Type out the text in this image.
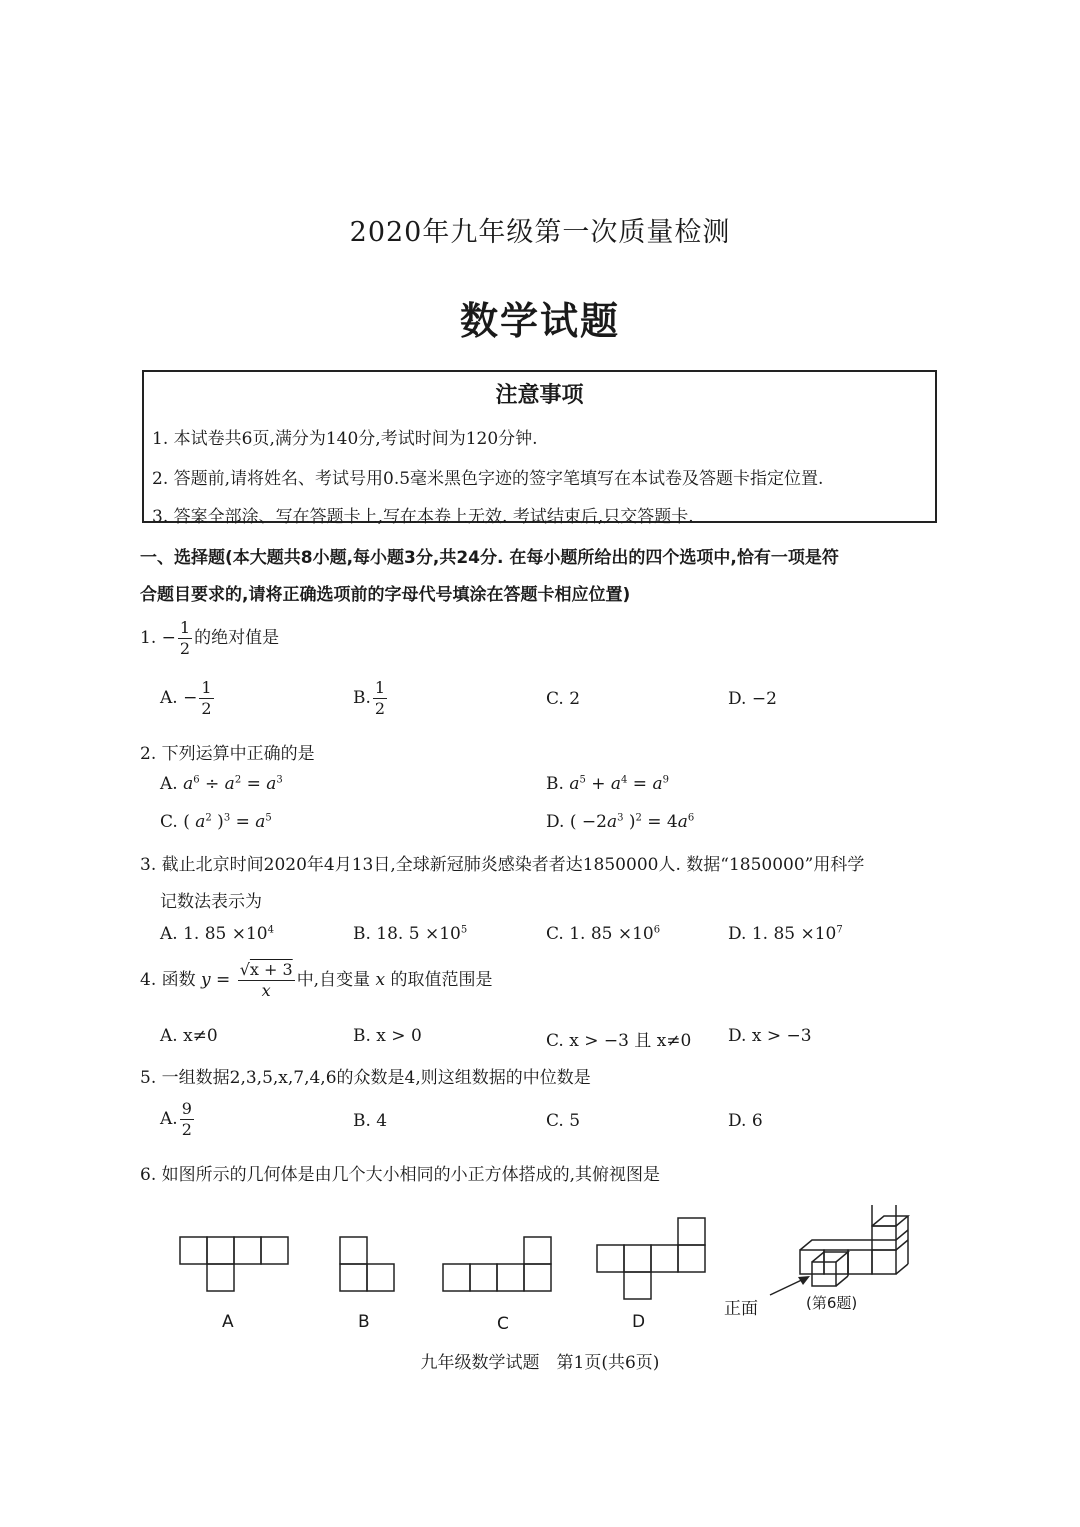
2020年九年级第一次质量检测
数学试题
注意事项
1. 本试卷共6页,满分为140分,考试时间为120分钟.
2. 答题前,请将姓名、考试号用0.5毫米黑色字迹的签字笔填写在本试卷及答题卡指定位置.
3. 答案全部涂、写在答题卡上,写在本卷上无效. 考试结束后,只交答题卡.
一、选择题(本大题共8小题,每小题3分,共24分. 在每小题所给出的四个选项中,恰有一项是符
合题目要求的,请将正确选项前的字母代号填涂在答题卡相应位置)
1. − $\frac{1}{2}$ 的绝对值是
A. − $\frac{1}{2}$	B. $\frac{1}{2}$	C. 2	D. −2
2. 下列运算中正确的是
A. $a^6 \div a^2 = a^3$	B. $a^5 + a^4 = a^9$
C. ( $a^2$ )$^3 = a^5$	D. ( $-2a^3$ )$^2 = 4a^6$
3. 截止北京时间2020年4月13日,全球新冠肺炎感染者者达1850000人. 数据“1850000”用科学
记数法表示为
A. 1. $85 \times 10^4$	B. 18. $5 \times 10^5$	C. 1. $85 \times 10^6$	D. 1. $85 \times 10^7$
4. 函数 $y = \frac{√x + 3}{x}$ 中,自变量 x 的取值范围是
A. x≠0	B. x > 0	C. x > −3 且 x≠0 D. x > −3
5. 一组数据2,3,5,x,7,4,6的众数是4,则这组数据的中位数是
A. $\frac{9}{2}$	B. 4	C. 5	D. 6
6. 如图所示的几何体是由几个大小相同的小正方体搭成的,其俯视图是
A	B	C	D
正面	(第6题)
九年级数学试题　第1页(共6页)
